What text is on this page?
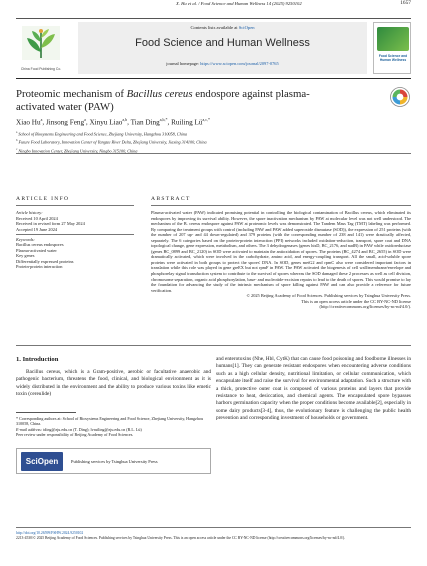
X. Hu et al. / Food Science and Human Wellness 14 (2025) 9250102	1657
China Food Publishing Co.
Contents lists available at SciOpen
Food Science and Human Wellness
journal homepage: https://www.sciopen.com/journal/2097-0765
Food Science and Human Wellness
Proteomic mechanism of Bacillus cereus endospore against plasma-activated water (PAW)
Xiao Hu$^a$, Jinsong Feng$^a$, Xinyu Liao$^{a,b}$, Tian Ding$^{a,b,*}$, Ruiling $Lü^{a,c,*}$
$^a$ School of Biosystems Engineering and Food Science, Zhejiang University, Hangzhou 310058, China
$^b$ Future Food Laboratory, Innovation Center of Yangtze River Delta, Zhejiang University, Jiaxing 314100, China
$^c$ Ningbo Innovation Center, Zhejiang University, Ningbo 315100, China
ARTICLE INFO
Article history:
Received 10 April 2024
Received in revised form 27 May 2024
Accepted 19 June 2024
Keywords:
Bacillus cereus endospores
Plasma-activated water
Key genes
Differentially expressed proteins
Protein-protein interaction
ABSTRACT
Plasma-activated water (PAW) indicated promising potential in controlling the biological contamination of Bacillus cereus, which eliminated its endospores by improving its survival ability. However, the spore inactivation mechanism by PAW at molecular level was not well understood. The mechanism of the B. cereus endospore against PAW at proteomic levels was demonstrated. The Tandem Mass Tag (TMT) labeling was performed. By comparing the treatment groups with control (including PAW and PAW added superoxide dismutase (SOD)), the expression of 251 proteins (with the number of 207 up- and 44 down-regulated) and 379 proteins (with the corresponding number of 238 and 141) were drastically affected, separately. The 6 categories based on the protein-protein interaction (PPI) networks included oxidation-reduction, transport, spore coat and DNA topological change, gene expression, metabolism, and others. The 3 dehydrogenases (genes hisD, BC_2176, and nadB) in PAW while oxidoreductase (genes BC_0899 and BC_2120) in SOD were activated to maintain the antioxidation of spores. The proteins (BC_4274 and BC_2655) in SOD were dramatically activated, which were involved in the carbohydrate, amino acid, and energy-coupling transport. All the small, acid-soluble spore proteins were activated in both groups to protect the spores' DNA. In SOD, genes metG2 and rpmC also were considered important factors in translation while this role was played in gene greEX but not rpmF in PAW. The PAW activated the biogenesis of cell wall/membrane/envelope and phosphorelay signal transduction system to contribute to the survival of spores whereas the SOD damaged these 2 processes as well as cell division, chromosome separation, organic acid phosphorylation, base- and nucleotide-excision repairs to lead to the death of spores. This would promise to lay the foundation for advancing the study of the intrinsic mechanism of spore killing against PAW and can also provide a reference for future verification.
© 2025 Beijing Academy of Food Sciences. Publishing services by Tsinghua University Press.
This is an open access article under the CC BY-NC-ND license
(http://creativecommons.org/licenses/by-nc-nd/4.0/).
1. Introduction
Bacillus cereus, which is a Gram-positive, aerobic or facultative anaerobic and pathogenic bacterium, threatens the food, clinical, and biological environment as it is widely distributed in the environment and the ability to produce various toxins like emetic toxin (cereulide)
and enterotoxins (Nhe, Hbl, CytK) that can cause food poisoning and foodborne illnesses in humans[1]. They can generate resistant endospores when encountering adverse conditions such as a high cellular density, nutritional limitation, or cellular communication, which encapsulate itself and raise the survival for environmental adaptation. Such a structure with a thick, protective outer coat is composed of various proteins and layers that provide resistance to heat, desiccation, and chemical agents. The encapsulated spore bypasses harbors germination capacity when the proper conditions become available[2], especially in some dairy products[3-4], thus, the evolutionary feature is challenging the public health prevention and corresponding investment of households or government.
* Corresponding authors at: School of Biosystems Engineering and Food Science, Zhejiang University, Hangzhou 310058, China.
E-mail address: tding@zju.edu.cn (T. Ding); lvruiling@zju.edu.cn (R.L. Lü)
Peer review under responsibility of Beijing Academy of Food Sciences.
SciOpen	Publishing services by Tsinghua University Press
http://doi.org/10.26599/FSHW.2024.9250102
2213-4530/© 2025 Beijing Academy of Food Sciences. Publishing services by Tsinghua University Press. This is an open access article under the CC BY-NC-ND license (http://creativecommons.org/licenses/by-nc-nd/4.0/).
